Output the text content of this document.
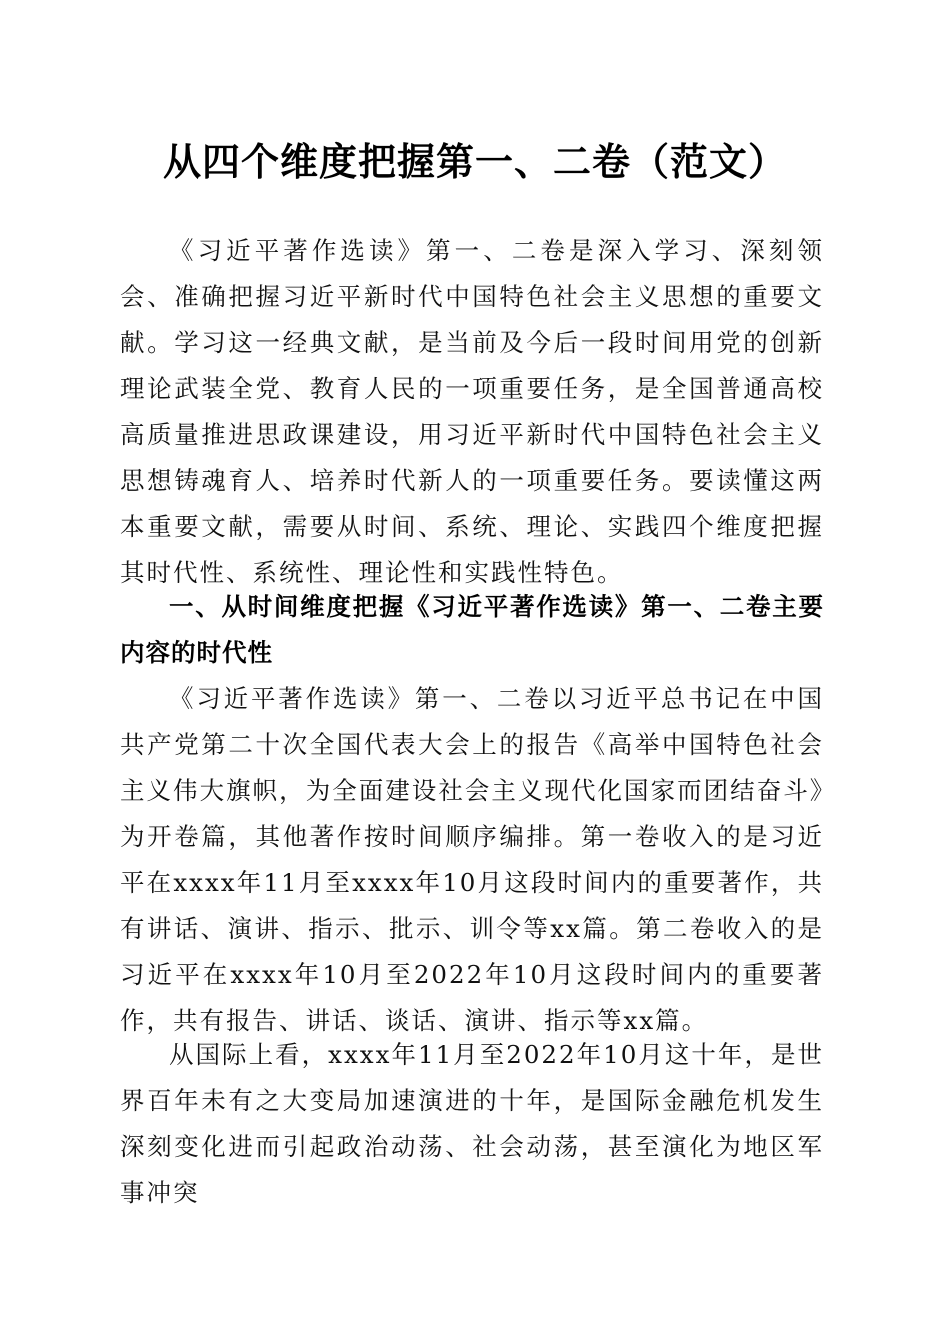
从四个维度把握第一、二卷（范文）

《习近平著作选读》第一、二卷是深入学习、深刻领会、准确把握习近平新时代中国特色社会主义思想的重要文献。学习这一经典文献，是当前及今后一段时间用党的创新理论武装全党、教育人民的一项重要任务，是全国普通高校高质量推进思政课建设，用习近平新时代中国特色社会主义思想铸魂育人、培养时代新人的一项重要任务。要读懂这两本重要文献，需要从时间、系统、理论、实践四个维度把握其时代性、系统性、理论性和实践性特色。

一、从时间维度把握《习近平著作选读》第一、二卷主要内容的时代性

《习近平著作选读》第一、二卷以习近平总书记在中国共产党第二十次全国代表大会上的报告《高举中国特色社会主义伟大旗帜，为全面建设社会主义现代化国家而团结奋斗》为开卷篇，其他著作按时间顺序编排。第一卷收入的是习近平在xxxx年11月至xxxx年10月这段时间内的重要著作，共有讲话、演讲、指示、批示、训令等xx篇。第二卷收入的是习近平在xxxx年10月至2022年10月这段时间内的重要著作，共有报告、讲话、谈话、演讲、指示等xx篇。

从国际上看，xxxx年11月至2022年10月这十年，是世界百年未有之大变局加速演进的十年，是国际金融危机发生深刻变化进而引起政治动荡、社会动荡，甚至演化为地区军事冲突
